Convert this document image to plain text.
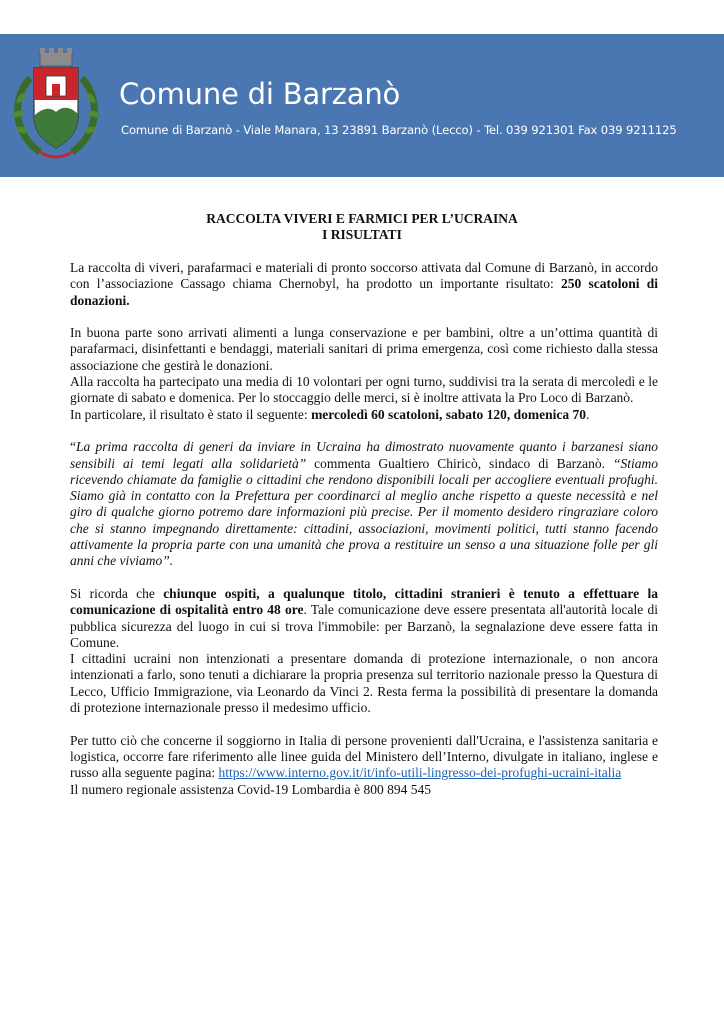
Comune di Barzanò
Comune di Barzanò - Viale Manara, 13 23891 Barzanò (Lecco) - Tel. 039 921301 Fax 039 9211125
RACCOLTA VIVERI E FARMICI PER L’UCRAINA
I RISULTATI

La raccolta di viveri, parafarmaci e materiali di pronto soccorso attivata dal Comune di Barzanò, in accordo con l’associazione Cassago chiama Chernobyl, ha prodotto un importante risultato: 250 scatoloni di donazioni.

In buona parte sono arrivati alimenti a lunga conservazione e per bambini, oltre a un’ottima quantità di parafarmaci, disinfettanti e bendaggi, materiali sanitari di prima emergenza, così come richiesto dalla stessa associazione che gestirà le donazioni.

Alla raccolta ha partecipato una media di 10 volontari per ogni turno, suddivisi tra la serata di mercoledì e le giornate di sabato e domenica. Per lo stoccaggio delle merci, si è inoltre attivata la Pro Loco di Barzanò.

In particolare, il risultato è stato il seguente: mercoledì 60 scatoloni, sabato 120, domenica 70.

“La prima raccolta di generi da inviare in Ucraina ha dimostrato nuovamente quanto i barzanesi siano sensibili ai temi legati alla solidarietà” commenta Gualtiero Chiricò, sindaco di Barzanò. “Stiamo ricevendo chiamate da famiglie o cittadini che rendono disponibili locali per accogliere eventuali profughi. Siamo già in contatto con la Prefettura per coordinarci al meglio anche rispetto a queste necessità e nel giro di qualche giorno potremo dare informazioni più precise. Per il momento desidero ringraziare coloro che si stanno impegnando direttamente: cittadini, associazioni, movimenti politici, tutti stanno facendo attivamente la propria parte con una umanità che prova a restituire un senso a una situazione folle per gli anni che viviamo”.

Si ricorda che chiunque ospiti, a qualunque titolo, cittadini stranieri è tenuto a effettuare la comunicazione di ospitalità entro 48 ore. Tale comunicazione deve essere presentata all'autorità locale di pubblica sicurezza del luogo in cui si trova l'immobile: per Barzanò, la segnalazione deve essere fatta in Comune.

I cittadini ucraini non intenzionati a presentare domanda di protezione internazionale, o non ancora intenzionati a farlo, sono tenuti a dichiarare la propria presenza sul territorio nazionale presso la Questura di Lecco, Ufficio Immigrazione, via Leonardo da Vinci 2. Resta ferma la possibilità di presentare la domanda di protezione internazionale presso il medesimo ufficio.

Per tutto ciò che concerne il soggiorno in Italia di persone provenienti dall'Ucraina, e l'assistenza sanitaria e logistica, occorre fare riferimento alle linee guida del Ministero dell’Interno, divulgate in italiano, inglese e russo alla seguente pagina: https://www.interno.gov.it/it/info-utili-lingresso-dei-profughi-ucraini-italia

Il numero regionale assistenza Covid-19 Lombardia è 800 894 545
